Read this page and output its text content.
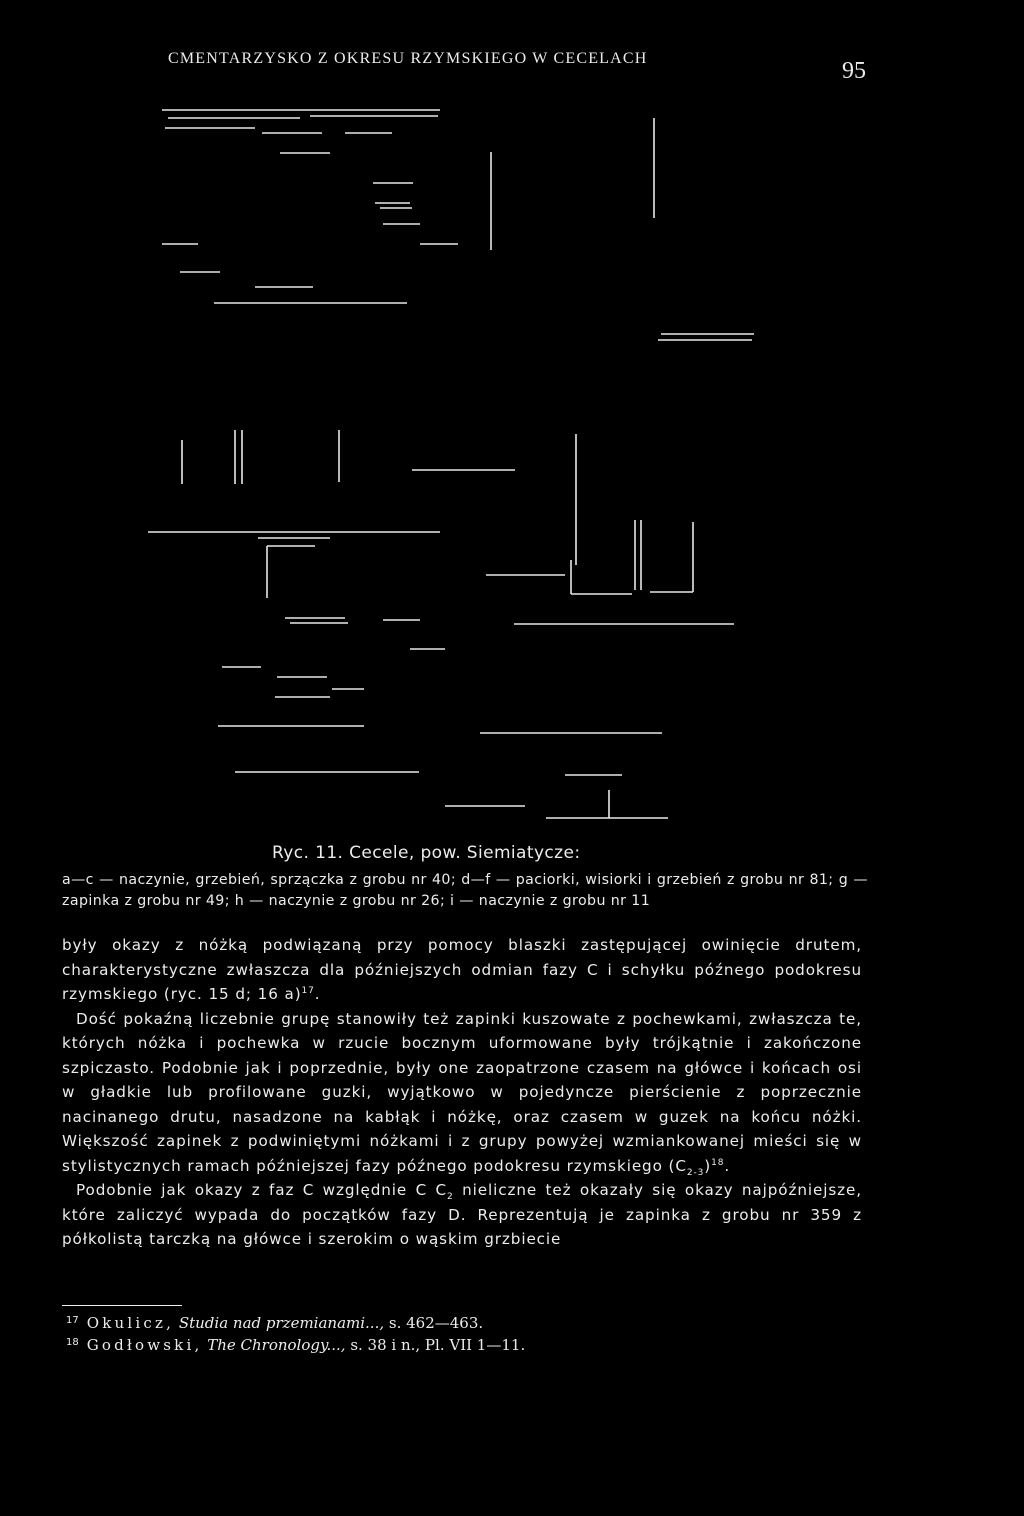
CMENTARZYSKO Z OKRESU RZYMSKIEGO W CECELACH	95
Ryc. 11. Cecele, pow. Siemiatycze:
a—c — naczynie, grzebień, sprzączka z grobu nr 40; d—f — paciorki, wisiorki i grzebień z grobu nr 81; g — zapinka z grobu nr 49; h — naczynie z grobu nr 26; i — naczynie z grobu nr 11

były okazy z nóżką podwiązaną przy pomocy blaszki zastępującej owinięcie drutem, charakterystyczne zwłaszcza dla późniejszych odmian fazy C i schyłku późnego podokresu rzymskiego (ryc. 15 d; 16 a)$^{17}$.

Dość pokaźną liczebnie grupę stanowiły też zapinki kuszowate z pochewkami, zwłaszcza te, których nóżka i pochewka w rzucie bocznym uformowane były trójkątnie i zakończone szpiczasto. Podobnie jak i poprzednie, były one zaopatrzone czasem na główce i końcach osi w gładkie lub profilowane guzki, wyjątkowo w pojedyncze pierścienie z poprzecznie nacinanego drutu, nasadzone na kabłąk i nóżkę, oraz czasem w guzek na końcu nóżki. Większość zapinek z podwiniętymi nóżkami i z grupy powyżej wzmiankowanej mieści się w stylistycznych ramach późniejszej fazy późnego podokresu rzymskiego $(C_{2-3})^{18}$.

Podobnie jak okazy z faz C względnie C $C_2$ nieliczne też okazały się okazy najpóźniejsze, które zaliczyć wypada do początków fazy D. Reprezentują je zapinka z grobu nr 359 z półkolistą tarczką na główce i szerokim o wąskim grzbiecie

$^{17}$ Okulicz, Studia nad przemianami..., s. 462—463.

$^{18}$ Godłowski, The Chronology..., s. 38 i n., Pl. VII 1—11.
